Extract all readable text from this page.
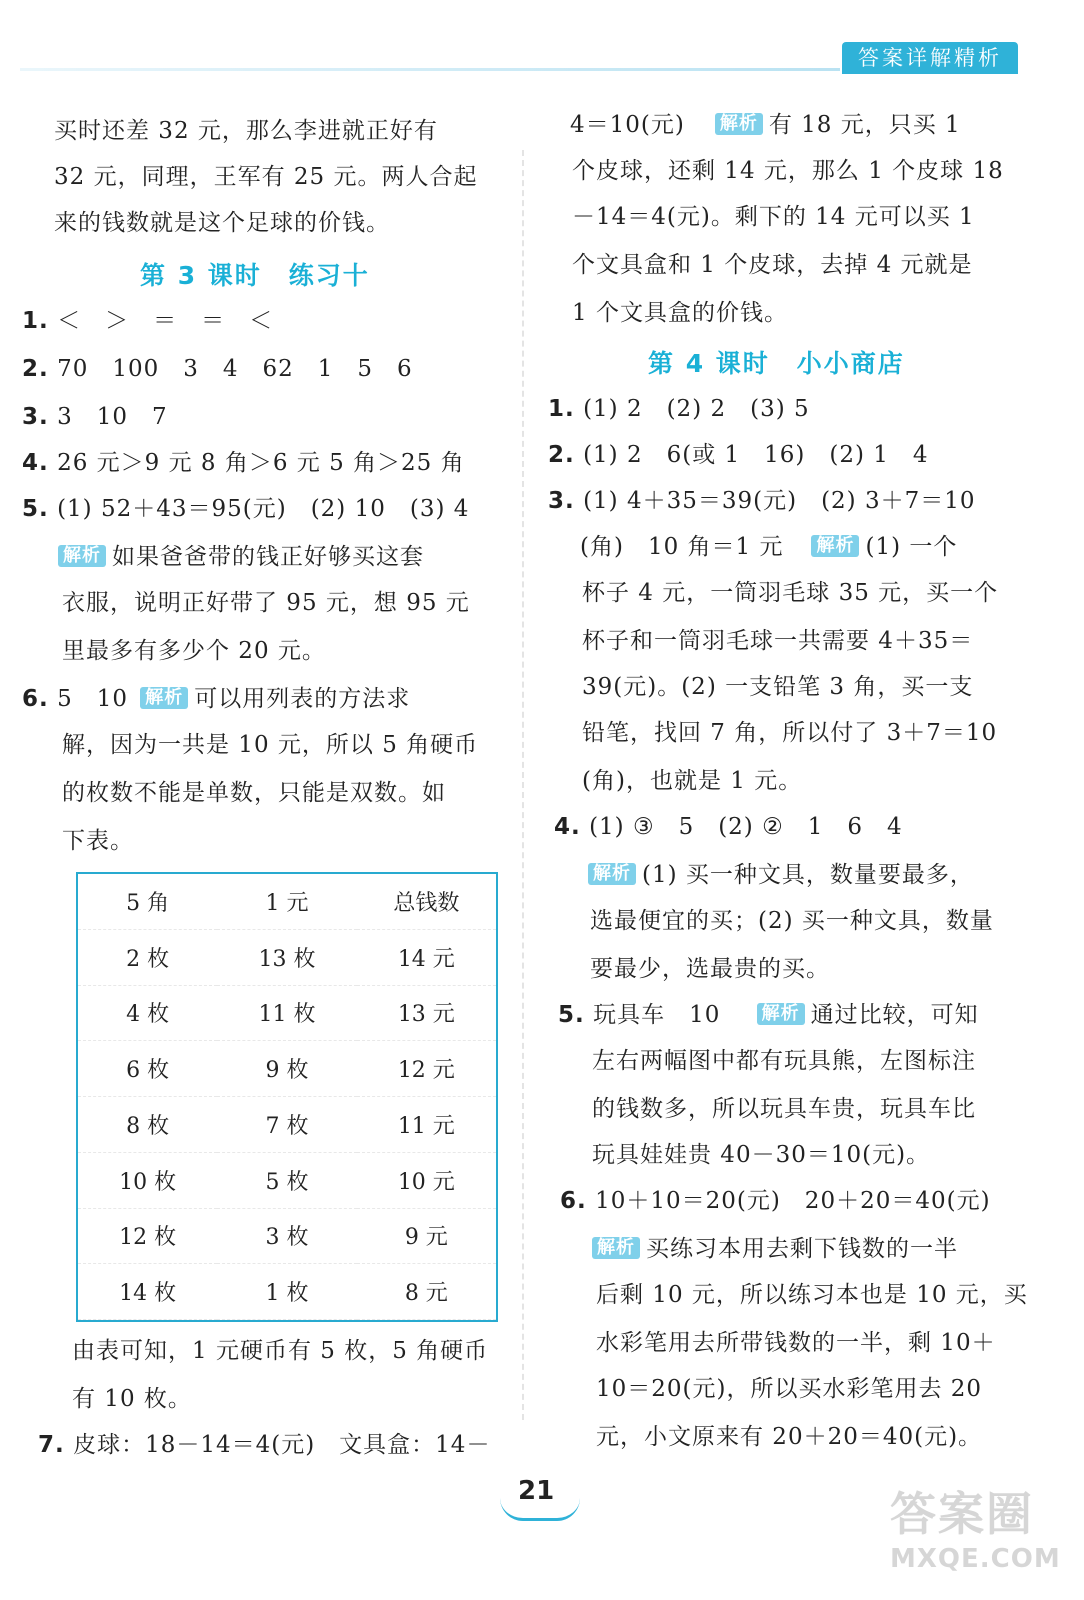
答案详解精析
买时还差 32 元，那么李进就正好有
32 元，同理，王军有 25 元。两人合起
来的钱数就是这个足球的价钱。
第 3 课时　练习十
1. ＜　＞　＝　＝　＜
2. 70　100　3　4　62　1　5　6
3. 3　10　7
4. 26 元＞9 元 8 角＞6 元 5 角＞25 角
5. (1) 52＋43＝95(元)　(2) 10　(3) 4
解析 如果爸爸带的钱正好够买这套
衣服，说明正好带了 95 元，想 95 元
里最多有多少个 20 元。
6. 5　10 解析 可以用列表的方法求
解，因为一共是 10 元，所以 5 角硬币
的枚数不能是单数，只能是双数。如
下表。
5 角	1 元	总钱数
2 枚	13 枚	14 元
4 枚	11 枚	13 元
6 枚	9 枚	12 元
8 枚	7 枚	11 元
10 枚	5 枚	10 元
12 枚	3 枚	9 元
14 枚	1 枚	8 元
由表可知，1 元硬币有 5 枚，5 角硬币
有 10 枚。
7. 皮球：18－14＝4(元)　文具盒：14－
4＝10(元) 解析 有 18 元，只买 1
个皮球，还剩 14 元，那么 1 个皮球 18
－14＝4(元)。剩下的 14 元可以买 1
个文具盒和 1 个皮球，去掉 4 元就是
1 个文具盒的价钱。
第 4 课时　小小商店
1. (1) 2　(2) 2　(3) 5
2. (1) 2　6(或 1　16)　(2) 1　4
3. (1) 4＋35＝39(元)　(2) 3＋7＝10
(角)　10 角＝1 元 解析 (1) 一个
杯子 4 元，一筒羽毛球 35 元，买一个
杯子和一筒羽毛球一共需要 4＋35＝
39(元)。(2) 一支铅笔 3 角，买一支
铅笔，找回 7 角，所以付了 3＋7＝10
(角)，也就是 1 元。
4. (1) ③　5　(2) ②　1　6　4
解析 (1) 买一种文具，数量要最多，
选最便宜的买；(2) 买一种文具，数量
要最少，选最贵的买。
5. 玩具车　10 解析 通过比较，可知
左右两幅图中都有玩具熊，左图标注
的钱数多，所以玩具车贵，玩具车比
玩具娃娃贵 40－30＝10(元)。
6. 10＋10＝20(元)　20＋20＝40(元)
解析 买练习本用去剩下钱数的一半
后剩 10 元，所以练习本也是 10 元，买
水彩笔用去所带钱数的一半，剩 10＋
10＝20(元)，所以买水彩笔用去 20
元，小文原来有 20＋20＝40(元)。
21	答案圈
MXQE.COM
